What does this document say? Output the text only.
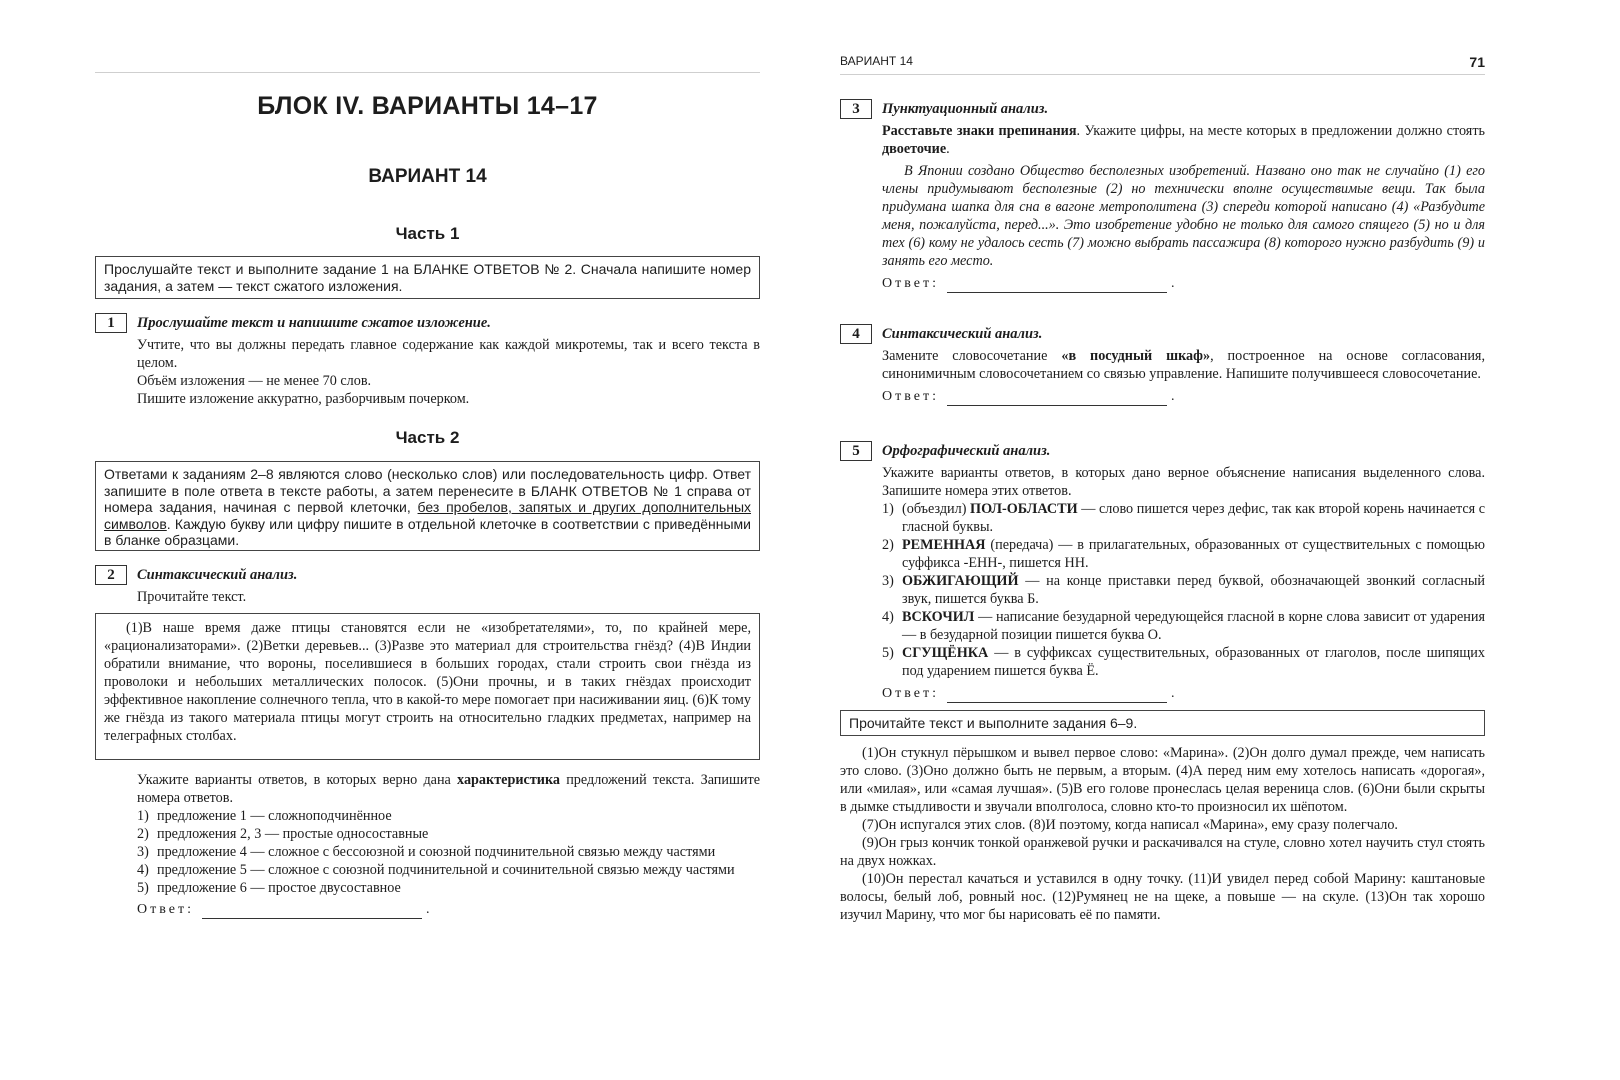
БЛОК IV. ВАРИАНТЫ 14–17
ВАРИАНТ 14
Часть 1
Прослушайте текст и выполните задание 1 на БЛАНКЕ ОТВЕТОВ № 2. Сначала напишите номер задания, а затем — текст сжатого изложения.
1	Прослушайте текст и напишите сжатое изложение.

Учтите, что вы должны передать главное содержание как каждой микротемы, так и всего текста в целом.

Объём изложения — не менее 70 слов.

Пишите изложение аккуратно, разборчивым почерком.

Часть 2
Ответами к заданиям 2–8 являются слово (несколько слов) или последовательность цифр. Ответ запишите в поле ответа в тексте работы, а затем перенесите в БЛАНК ОТВЕТОВ № 1 справа от номера задания, начиная с первой клеточки, без пробелов, запятых и других дополнительных символов. Каждую букву или цифру пишите в отдельной клеточке в соответствии с приведёнными в бланке образцами.
2	Синтаксический анализ.
Прочитайте текст.

(1)В наше время даже птицы становятся если не «изобретателями», то, по крайней мере, «рационализаторами». (2)Ветки деревьев... (3)Разве это материал для строительства гнёзд? (4)В Индии обратили внимание, что вороны, поселившиеся в больших городах, стали строить свои гнёзда из проволоки и небольших металлических полосок. (5)Они прочны, и в таких гнёздах происходит эффективное накопление солнечного тепла, что в какой-то мере помогает при насиживании яиц. (6)К тому же гнёзда из такого материала птицы могут строить на относительно гладких предметах, например на телеграфных столбах.

Укажите варианты ответов, в которых верно дана характеристика предложений текста. Запишите номера ответов.

1) предложение 1 — сложноподчинённое
2) предложения 2, 3 — простые односоставные
3) предложение 4 — сложное с бессоюзной и союзной подчинительной связью между частями
4) предложение 5 — сложное с союзной подчинительной и сочинительной связью между частями
5) предложение 6 — простое двусоставное
Ответ:	.
ВАРИАНТ 14	71
3	Пунктуационный анализ.

Расставьте знаки препинания. Укажите цифры, на месте которых в предложении должно стоять двоеточие.

В Японии создано Общество бесполезных изобретений. Названо оно так не случайно (1) его члены придумывают бесполезные (2) но технически вполне осуществимые вещи. Так была придумана шапка для сна в вагоне метрополитена (3) спереди которой написано (4) «Разбудите меня, пожалуйста, перед...». Это изобретение удобно не только для самого спящего (5) но и для тех (6) кому не удалось сесть (7) можно выбрать пассажира (8) которого нужно разбудить (9) и занять его место.

Ответ:	.
4	Синтаксический анализ.

Замените словосочетание «в посудный шкаф», построенное на основе согласования, синонимичным словосочетанием со связью управление. Напишите получившееся словосочетание.

Ответ:	.
5	Орфографический анализ.

Укажите варианты ответов, в которых дано верное объяснение написания выделенного слова. Запишите номера этих ответов.

1) (объездил) ПОЛ-ОБЛАСТИ — слово пишется через дефис, так как второй корень начинается с гласной буквы.
2) РЕМЕННАЯ (передача) — в прилагательных, образованных от существительных с помощью суффикса -ЕНН-, пишется НН.
3) ОБЖИГАЮЩИЙ — на конце приставки перед буквой, обозначающей звонкий согласный звук, пишется буква Б.
4) ВСКОЧИЛ — написание безударной чередующейся гласной в корне слова зависит от ударения — в безударной позиции пишется буква О.
5) СГУЩЁНКА — в суффиксах существительных, образованных от глаголов, после шипящих под ударением пишется буква Ё.
Ответ:	.
Прочитайте текст и выполните задания 6–9.

(1)Он стукнул пёрышком и вывел первое слово: «Марина». (2)Он долго думал прежде, чем написать это слово. (3)Оно должно быть не первым, а вторым. (4)А перед ним ему хотелось написать «дорогая», или «милая», или «самая лучшая». (5)В его голове пронеслась целая вереница слов. (6)Они были скрыты в дымке стыдливости и звучали вполголоса, словно кто-то произносил их шёпотом.

(7)Он испугался этих слов. (8)И поэтому, когда написал «Марина», ему сразу полегчало.

(9)Он грыз кончик тонкой оранжевой ручки и раскачивался на стуле, словно хотел научить стул стоять на двух ножках.

(10)Он перестал качаться и уставился в одну точку. (11)И увидел перед собой Марину: каштановые волосы, белый лоб, ровный нос. (12)Румянец не на щеке, а повыше — на скуле. (13)Он так хорошо изучил Марину, что мог бы нарисовать её по памяти.
